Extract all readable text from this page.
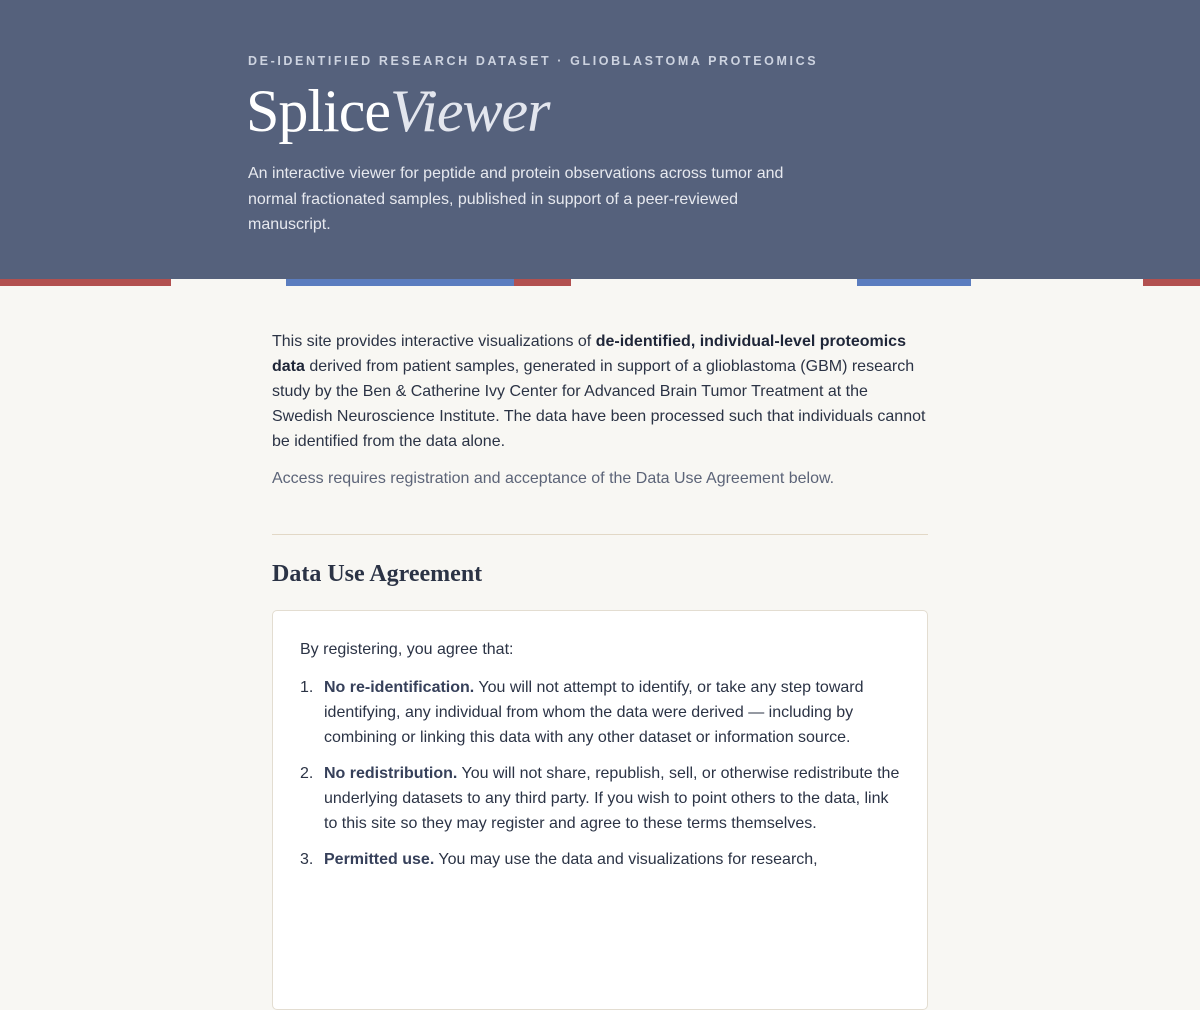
DE-IDENTIFIED RESEARCH DATASET · GLIOBLASTOMA PROTEOMICS
SpliceViewer
An interactive viewer for peptide and protein observations across tumor and normal fractionated samples, published in support of a peer-reviewed manuscript.

This site provides interactive visualizations of de-identified, individual-level proteomics data derived from patient samples, generated in support of a glioblastoma (GBM) research study by the Ben & Catherine Ivy Center for Advanced Brain Tumor Treatment at the Swedish Neuroscience Institute. The data have been processed such that individuals cannot be identified from the data alone.

Access requires registration and acceptance of the Data Use Agreement below.

Data Use Agreement

By registering, you agree that:

1. No re-identification. You will not attempt to identify, or take any step toward identifying, any individual from whom the data were derived — including by combining or linking this data with any other dataset or information source.
2. No redistribution. You will not share, republish, sell, or otherwise redistribute the underlying datasets to any third party. If you wish to point others to the data, link to this site so they may register and agree to these terms themselves.
3. Permitted use. You may use the data and visualizations for research,
